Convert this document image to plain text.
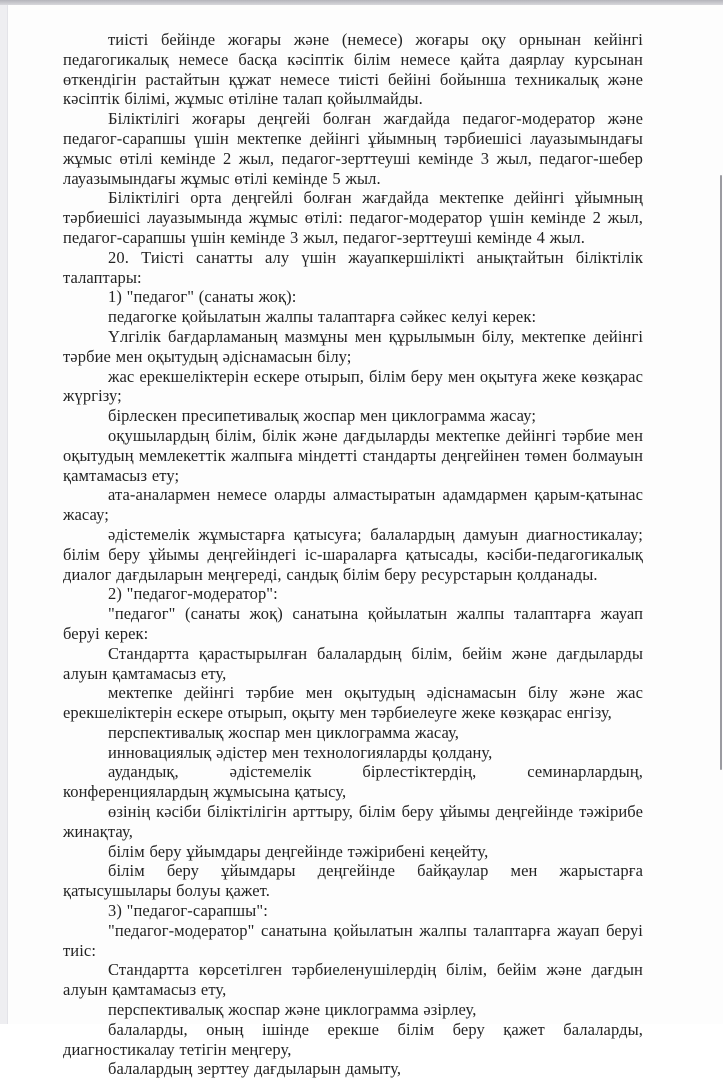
тиісті бейінде жоғары және (немесе) жоғары оқу орнынан кейінгі педагогикалық немесе басқа кәсіптік білім немесе қайта даярлау курсынан өткендігін растайтын құжат немесе тиісті бейіні бойынша техникалық және кәсіптік білімі, жұмыс өтіліне талап қойылмайды.

Біліктілігі жоғары деңгейі болған жағдайда педагог-модератор және педагог-сарапшы үшін мектепке дейінгі ұйымның тәрбиешісі лауазымындағы жұмыс өтілі кемінде 2 жыл, педагог-зерттеуші кемінде 3 жыл, педагог-шебер лауазымындағы жұмыс өтілі кемінде 5 жыл.

Біліктілігі орта деңгейлі болған жағдайда мектепке дейінгі ұйымның тәрбиешісі лауазымында жұмыс өтілі: педагог-модератор үшін кемінде 2 жыл, педагог-сарапшы үшін кемінде 3 жыл, педагог-зерттеуші кемінде 4 жыл.

20. Тиісті санатты алу үшін жауапкершілікті анықтайтын біліктілік талаптары:

1) "педагог" (санаты жоқ):

педагогке қойылатын жалпы талаптарға сәйкес келуі керек:

Үлгілік бағдарламаның мазмұны мен құрылымын білу, мектепке дейінгі тәрбие мен оқытудың әдіснамасын білу;

жас ерекшеліктерін ескере отырып, білім беру мен оқытуға жеке көзқарас жүргізу;

бірлескен пресипетивалық жоспар мен циклограмма жасау;

оқушылардың білім, білік және дағдыларды мектепке дейінгі тәрбие мен оқытудың мемлекеттік жалпыға міндетті стандарты деңгейінен төмен болмауын қамтамасыз ету;

ата-аналармен немесе оларды алмастыратын адамдармен қарым-қатынас жасау;

әдістемелік жұмыстарға қатысуға; балалардың дамуын диагностикалау; білім беру ұйымы деңгейіндегі іс-шараларға қатысады, кәсіби-педагогикалық диалог дағдыларын меңгереді, сандық білім беру ресурстарын қолданады.

2) "педагог-модератор":

"педагог" (санаты жоқ) санатына қойылатын жалпы талаптарға жауап беруі керек:

Стандартта қарастырылған балалардың білім, бейім және дағдыларды алуын қамтамасыз ету,

мектепке дейінгі тәрбие мен оқытудың әдіснамасын білу және жас ерекшеліктерін ескере отырып, оқыту мен тәрбиелеуге жеке көзқарас енгізу,

перспективалық жоспар мен циклограмма жасау,

инновациялық әдістер мен технологияларды қолдану,

аудандық, әдістемелік бірлестіктердің, семинарлардың, конференциялардың жұмысына қатысу,

өзінің кәсіби біліктілігін арттыру, білім беру ұйымы деңгейінде тәжірибе жинақтау,

білім беру ұйымдары деңгейінде тәжірибені кеңейту,

білім беру ұйымдары деңгейінде байқаулар мен жарыстарға қатысушылары болуы қажет.

3) "педагог-сарапшы":

"педагог-модератор" санатына қойылатын жалпы талаптарға жауап беруі тиіс:

Стандартта көрсетілген тәрбиеленушілердің білім, бейім және дағдын алуын қамтамасыз ету,

перспективалық жоспар және циклограмма әзірлеу,

балаларды, оның ішінде ерекше білім беру қажет балаларды, диагностикалау тетігін меңгеру,

балалардың зерттеу дағдыларын дамыту,
